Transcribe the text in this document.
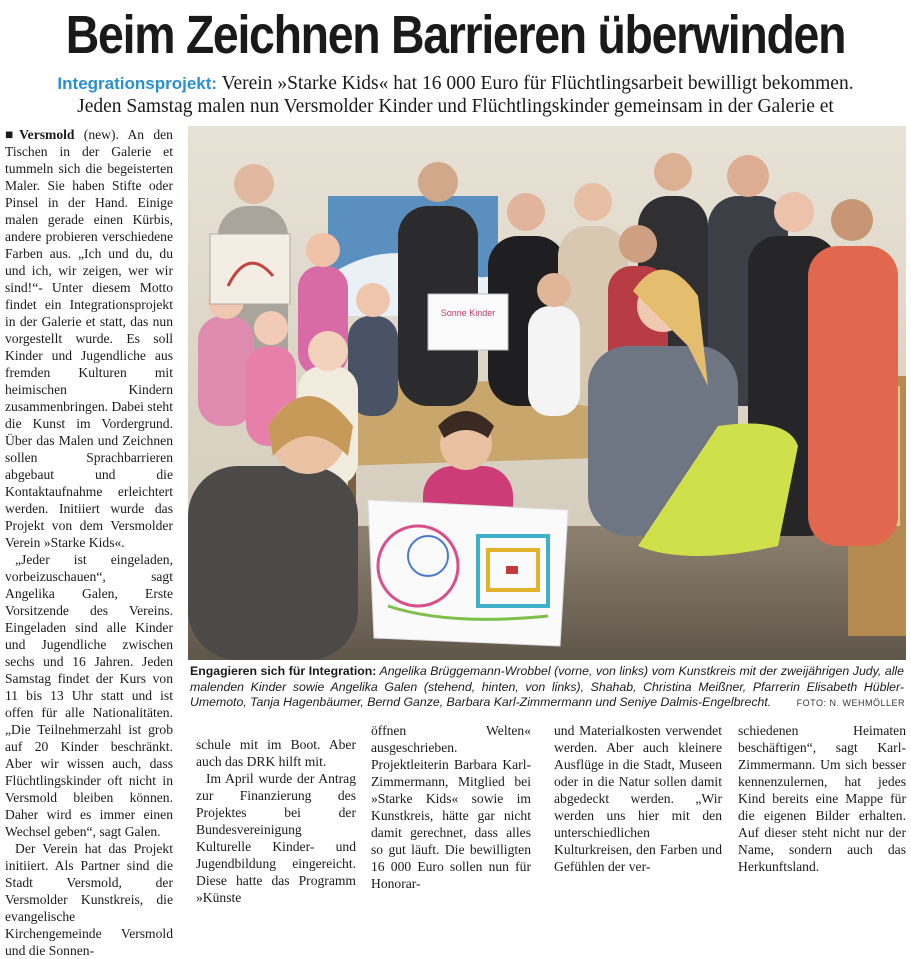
Beim Zeichnen Barrieren überwinden
Integrationsprojekt: Verein »Starke Kids« hat 16 000 Euro für Flüchtlingsarbeit bewilligt bekommen.
Jeden Samstag malen nun Versmolder Kinder und Flüchtlingskinder gemeinsam in der Galerie et

■Versmold (new). An den Tischen in der Galerie et tummeln sich die begeisterten Maler. Sie haben Stifte oder Pinsel in der Hand. Einige malen gerade einen Kürbis, andere probieren verschiedene Farben aus. „Ich und du, du und ich, wir zeigen, wer wir sind!“- Unter diesem Motto findet ein Integrationsprojekt in der Galerie et statt, das nun vorgestellt wurde. Es soll Kinder und Jugendliche aus fremden Kulturen mit heimischen Kindern zusammenbringen. Dabei steht die Kunst im Vordergrund. Über das Malen und Zeichnen sollen Sprachbarrieren abgebaut und die Kontaktaufnahme erleichtert werden. Initiiert wurde das Projekt von dem Versmolder Verein »Starke Kids«.

„Jeder ist eingeladen, vorbeizuschauen“, sagt Angelika Galen, Erste Vorsitzende des Vereins. Eingeladen sind alle Kinder und Jugendliche zwischen sechs und 16 Jahren. Jeden Samstag findet der Kurs von 11 bis 13 Uhr statt und ist offen für alle Nationalitäten. „Die Teilnehmerzahl ist grob auf 20 Kinder beschränkt. Aber wir wissen auch, dass Flüchtlingskinder oft nicht in Versmold bleiben können. Daher wird es immer einen Wechsel geben“, sagt Galen.

Der Verein hat das Projekt initiiert. Als Partner sind die Stadt Versmold, der Versmolder Kunstkreis, die evangelische Kirchengemeinde Versmold und die Sonnen-

Sonne Kinder
Engagieren sich für Integration: Angelika Brüggemann-Wrobbel (vorne, von links) vom Kunstkreis mit der zweijährigen Judy, alle malenden Kinder sowie Angelika Galen (stehend, hinten, von links), Shahab, Christina Meißner, Pfarrerin Elisabeth Hübler-Umemoto, Tanja Hagenbäumer, Bernd Ganze, Barbara Karl-Zimmermann und Seniye Dalmis-Engelbrecht.	FOTO: N. WEHMÖLLER

schule mit im Boot. Aber auch das DRK hilft mit.

Im April wurde der Antrag zur Finanzierung des Projektes bei der Bundesvereinigung Kulturelle Kinder- und Jugendbildung eingereicht. Diese hatte das Programm »Künste

öffnen Welten« ausgeschrieben. Projektleiterin Barbara Karl-Zimmermann, Mitglied bei »Starke Kids« sowie im Kunstkreis, hätte gar nicht damit gerechnet, dass alles so gut läuft. Die bewilligten 16 000 Euro sollen nun für Honorar-

und Materialkosten verwendet werden. Aber auch kleinere Ausflüge in die Stadt, Museen oder in die Natur sollen damit abgedeckt werden. „Wir werden uns hier mit den unterschiedlichen Kulturkreisen, den Farben und Gefühlen der ver-

schiedenen Heimaten beschäftigen“, sagt Karl-Zimmermann. Um sich besser kennenzulernen, hat jedes Kind bereits eine Mappe für die eigenen Bilder erhalten. Auf dieser steht nicht nur der Name, sondern auch das Herkunftsland.
